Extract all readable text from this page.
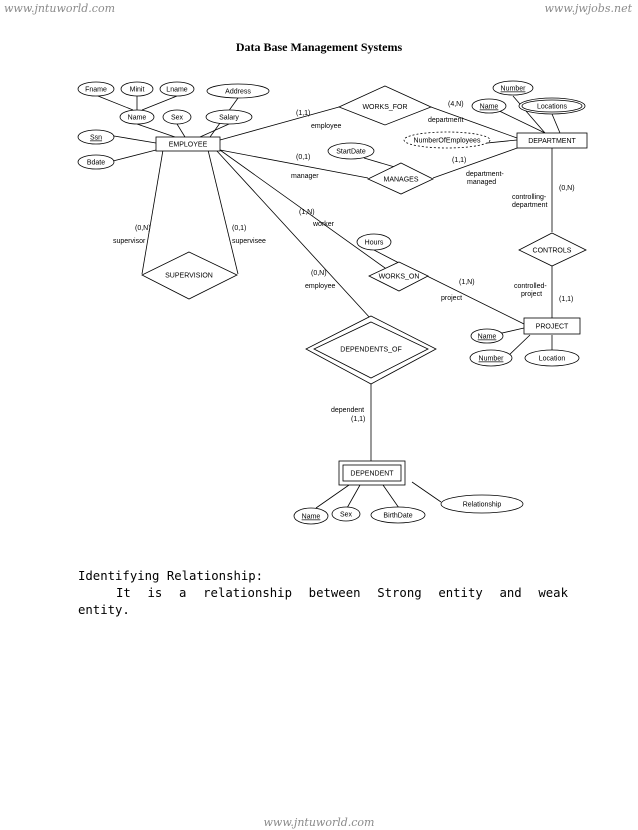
www.jntuworld.com	www.jwjobs.net
Data Base Management Systems
Fname	Minit	Lname	Address
Name	Sex	Salary
Ssn
Bdate
Number
Name	Locations
NumberOfEmployees
StartDate
Hours
Name
Number	Location
Name	Sex	BirthDate
Relationship
EMPLOYEE	DEPARTMENT
PROJECT
DEPENDENT
WORKS_FOR
MANAGES
WORKS_ON
CONTROLS
SUPERVISION
DEPENDENTS_OF
employee
department
manager	department-
managed
worker
employee
project
supervisor	supervisee
controlling-
department
controlled-
project
dependent
(1,1)
(4,N)
(0,1)	(1,1)
(1,N)
(1,N)
(0,N)
(1,1)
(0,N)	(0,1)
(0,N)
(1,1)
Identifying Relationship:
It is a relationship between Strong entity and weak
entity.
www.jntuworld.com
